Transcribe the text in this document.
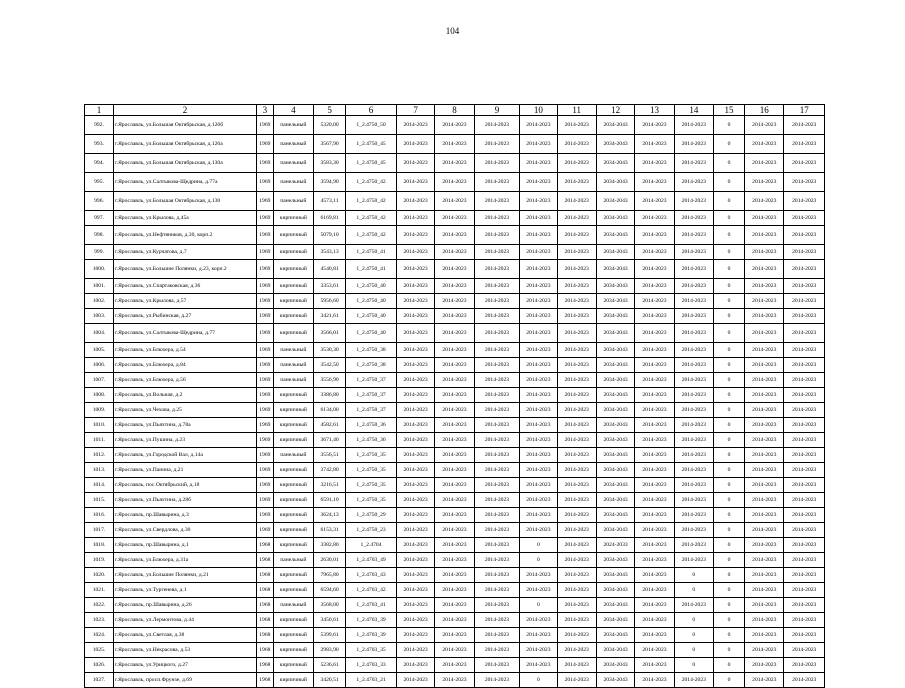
104
1	2	3	4	5	6	7	8	9	10	11	12	13	14	15	16	17
992.	г.Ярославль, ул.Большая Октябрьская, д.126б	1969	панельный	5320,00	1_2.4750_50	2014-2023	2014-2023	2014-2023	2014-2023	2014-2023	2034-2043	2014-2023	2014-2023	0	2014-2023	2014-2023
993.	г.Ярославль, ул.Большая Октябрьская, д.126а	1969	панельный	3567,90	1_2.4750_45	2014-2023	2014-2023	2014-2023	2014-2023	2014-2023	2034-2043	2014-2023	2014-2023	0	2014-2023	2014-2023
994.	г.Ярославль, ул.Большая Октябрьская, д.130а	1969	панельный	3583,30	1_2.4750_45	2014-2023	2014-2023	2014-2023	2014-2023	2014-2023	2034-2043	2014-2023	2014-2023	0	2014-2023	2014-2023
995.	г.Ярославль, ул.Салтыкова-Щедрина, д.77а	1969	панельный	3594,90	1_2.4750_42	2014-2023	2014-2023	2014-2023	2014-2023	2014-2023	2034-2043	2014-2023	2014-2023	0	2014-2023	2014-2023
996.	г.Ярославль, ул.Большая Октябрьская, д.130	1969	панельный	4573,11	1_2.4750_42	2014-2023	2014-2023	2014-2023	2014-2023	2014-2023	2034-2043	2014-2023	2014-2023	0	2014-2023	2014-2023
997.	г.Ярославль, ул.Крылова, д.45а	1969	кирпичный	6169,81	1_2.4750_42	2014-2023	2014-2023	2014-2023	2014-2023	2014-2023	2034-2043	2014-2023	2014-2023	0	2014-2023	2014-2023
998.	г.Ярославль, ул.Нефтяников, д.30, корп.2	1969	кирпичный	5079,10	1_2.4750_42	2014-2023	2014-2023	2014-2023	2014-2023	2014-2023	2034-2043	2014-2023	2014-2023	0	2014-2023	2014-2023
999.	г.Ярославль, ул.Курчатова, д.7	1969	кирпичный	3543,13	1_2.4750_41	2014-2023	2014-2023	2014-2023	2014-2023	2014-2023	2034-2043	2014-2023	2014-2023	0	2014-2023	2014-2023
1000.	г.Ярославль, ул.Большие Полянки, д.23, корп.2	1969	кирпичный	4540,81	1_2.4750_41	2014-2023	2014-2023	2014-2023	2014-2023	2014-2023	2034-2043	2014-2023	2014-2023	0	2014-2023	2014-2023
1001.	г.Ярославль, ул.Спартаковская, д.36	1969	кирпичный	3353,61	1_2.4750_40	2014-2023	2014-2023	2014-2023	2014-2023	2014-2023	2034-2043	2014-2023	2014-2023	0	2014-2023	2014-2023
1002.	г.Ярославль, ул.Крылова, д.57	1969	кирпичный	5956,60	1_2.4750_40	2014-2023	2014-2023	2014-2023	2014-2023	2014-2023	2034-2043	2014-2023	2014-2023	0	2014-2023	2014-2023
1003.	г.Ярославль, ул.Рыбинская, д.27	1969	кирпичный	3421,61	1_2.4750_40	2014-2023	2014-2023	2014-2023	2014-2023	2014-2023	2034-2043	2014-2023	2014-2023	0	2014-2023	2014-2023
1004.	г.Ярославль, ул.Салтыкова-Щедрина, д.77	1969	кирпичный	3566,01	1_2.4750_40	2014-2023	2014-2023	2014-2023	2014-2023	2014-2023	2034-2043	2014-2023	2014-2023	0	2014-2023	2014-2023
1005.	г.Ярославль, ул.Блюхера, д.54	1969	панельный	3530,30	1_2.4750_38	2014-2023	2014-2023	2014-2023	2014-2023	2014-2023	2034-2043	2014-2023	2014-2023	0	2014-2023	2014-2023
1006.	г.Ярославль, ул.Блюхера, д.84	1969	панельный	3542,50	1_2.4750_38	2014-2023	2014-2023	2014-2023	2014-2023	2014-2023	2034-2043	2014-2023	2014-2023	0	2014-2023	2014-2023
1007.	г.Ярославль, ул.Блюхера, д.56	1969	панельный	3556,90	1_2.4750_37	2014-2023	2014-2023	2014-2023	2014-2023	2014-2023	2034-2043	2014-2023	2014-2023	0	2014-2023	2014-2023
1008.	г.Ярославль, ул.Вольная, д.2	1969	кирпичный	3386,80	1_2.4750_37	2014-2023	2014-2023	2014-2023	2014-2023	2014-2023	2034-2043	2014-2023	2014-2023	0	2014-2023	2014-2023
1009.	г.Ярославль, ул.Чехова, д.25	1969	кирпичный	6134,00	1_2.4750_37	2014-2023	2014-2023	2014-2023	2014-2023	2014-2023	2034-2043	2014-2023	2014-2023	0	2014-2023	2014-2023
1010.	г.Ярославль, ул.Пьяхтина, д.78а	1969	кирпичный	4582,61	1_2.4750_36	2014-2023	2014-2023	2014-2023	2014-2023	2014-2023	2034-2043	2014-2023	2014-2023	0	2014-2023	2014-2023
1011.	г.Ярославль, ул.Пушина, д.23	1969	кирпичный	3671,40	1_2.4750_36	2014-2023	2014-2023	2014-2023	2014-2023	2014-2023	2034-2043	2014-2023	2014-2023	0	2014-2023	2014-2023
1012.	г.Ярославль, ул.Городской Вал, д.14а	1969	панельный	3556,51	1_2.4750_35	2014-2023	2014-2023	2014-2023	2014-2023	2014-2023	2034-2043	2014-2023	2014-2023	0	2014-2023	2014-2023
1013.	г.Ярославль, ул.Панина, д.21	1969	кирпичный	3742,80	1_2.4750_35	2014-2023	2014-2023	2014-2023	2014-2023	2014-2023	2034-2043	2014-2023	2014-2023	0	2014-2023	2014-2023
1014.	г.Ярославль, пос.Октябрьский, д.18	1969	кирпичный	3216,51	1_2.4750_35	2014-2023	2014-2023	2014-2023	2014-2023	2014-2023	2034-2043	2014-2023	2014-2023	0	2014-2023	2014-2023
1015.	г.Ярославль, ул.Пьяхтина, д.28б	1969	кирпичный	6591,10	1_2.4750_35	2014-2023	2014-2023	2014-2023	2014-2023	2014-2023	2034-2043	2014-2023	2014-2023	0	2014-2023	2014-2023
1016.	г.Ярославль, пр.Шавырина, д.3	1969	кирпичный	3624,13	1_2.4750_29	2014-2023	2014-2023	2014-2023	2014-2023	2014-2023	2034-2043	2014-2023	2014-2023	0	2014-2023	2014-2023
1017.	г.Ярославль, ул.Свердлова, д.30	1969	кирпичный	6153,31	1_2.4750_23	2014-2023	2014-2023	2014-2023	2014-2023	2014-2023	2034-2043	2014-2023	2014-2023	0	2014-2023	2014-2023
1018.	г.Ярославль, пр.Шавырина, д.1	1968	кирпичный	3382,80	1_2.4704	2014-2023	2014-2023	2014-2023	0	2014-2023	2024-2033	2014-2023	2014-2023	0	2014-2023	2014-2023
1019.	г.Ярославль, ул.Блюхера, д.31а	1968	панельный	2630,01	1_2.4703_49	2014-2023	2014-2023	2014-2023	0	2014-2023	2034-2043	2014-2023	2014-2023	0	2014-2023	2014-2023
1020.	г.Ярославль, ул.Большие Полянки, д.21	1968	кирпичный	7965,80	1_2.4703_43	2014-2023	2014-2023	2014-2023	2014-2023	2014-2023	2034-2043	2014-2023	0	0	2014-2023	2014-2023
1021.	г.Ярославль, ул.Тургенева, д.1	1968	кирпичный	6594,60	1_2.4703_42	2014-2023	2014-2023	2014-2023	2014-2023	2014-2023	2034-2043	2014-2023	0	0	2014-2023	2014-2023
1022.	г.Ярославль, пр.Шавырина, д.26	1968	панельный	3568,00	1_2.4703_41	2014-2023	2014-2023	2014-2023	0	2014-2023	2034-2043	2014-2023	2014-2023	0	2014-2023	2014-2023
1023.	г.Ярославль, ул.Лермонтова, д.44	1968	кирпичный	3450,61	1_2.4703_39	2014-2023	2014-2023	2014-2023	2014-2023	2014-2023	2034-2043	2014-2023	0	0	2014-2023	2014-2023
1024.	г.Ярославль, ул.Светлая, д.38	1968	кирпичный	5399,61	1_2.4703_39	2014-2023	2014-2023	2014-2023	2014-2023	2014-2023	2034-2043	2014-2023	0	0	2014-2023	2014-2023
1025.	г.Ярославль, ул.Некрасова, д.53	1968	кирпичный	2983,90	1_2.4703_35	2014-2023	2014-2023	2014-2023	2014-2023	2014-2023	2034-2043	2014-2023	0	0	2014-2023	2014-2023
1026.	г.Ярославль, ул.Урицкого, д.27	1968	кирпичный	5236,61	1_2.4703_33	2014-2023	2014-2023	2014-2023	2014-2023	2014-2023	2034-2043	2014-2023	0	0	2014-2023	2014-2023
1027.	г.Ярославль, просп.Фрунзе, д.69	1968	кирпичный	3420,51	1_2.4703_21	2014-2023	2014-2023	2014-2023	0	2014-2023	2034-2043	2014-2023	2014-2023	0	2014-2023	2014-2023
